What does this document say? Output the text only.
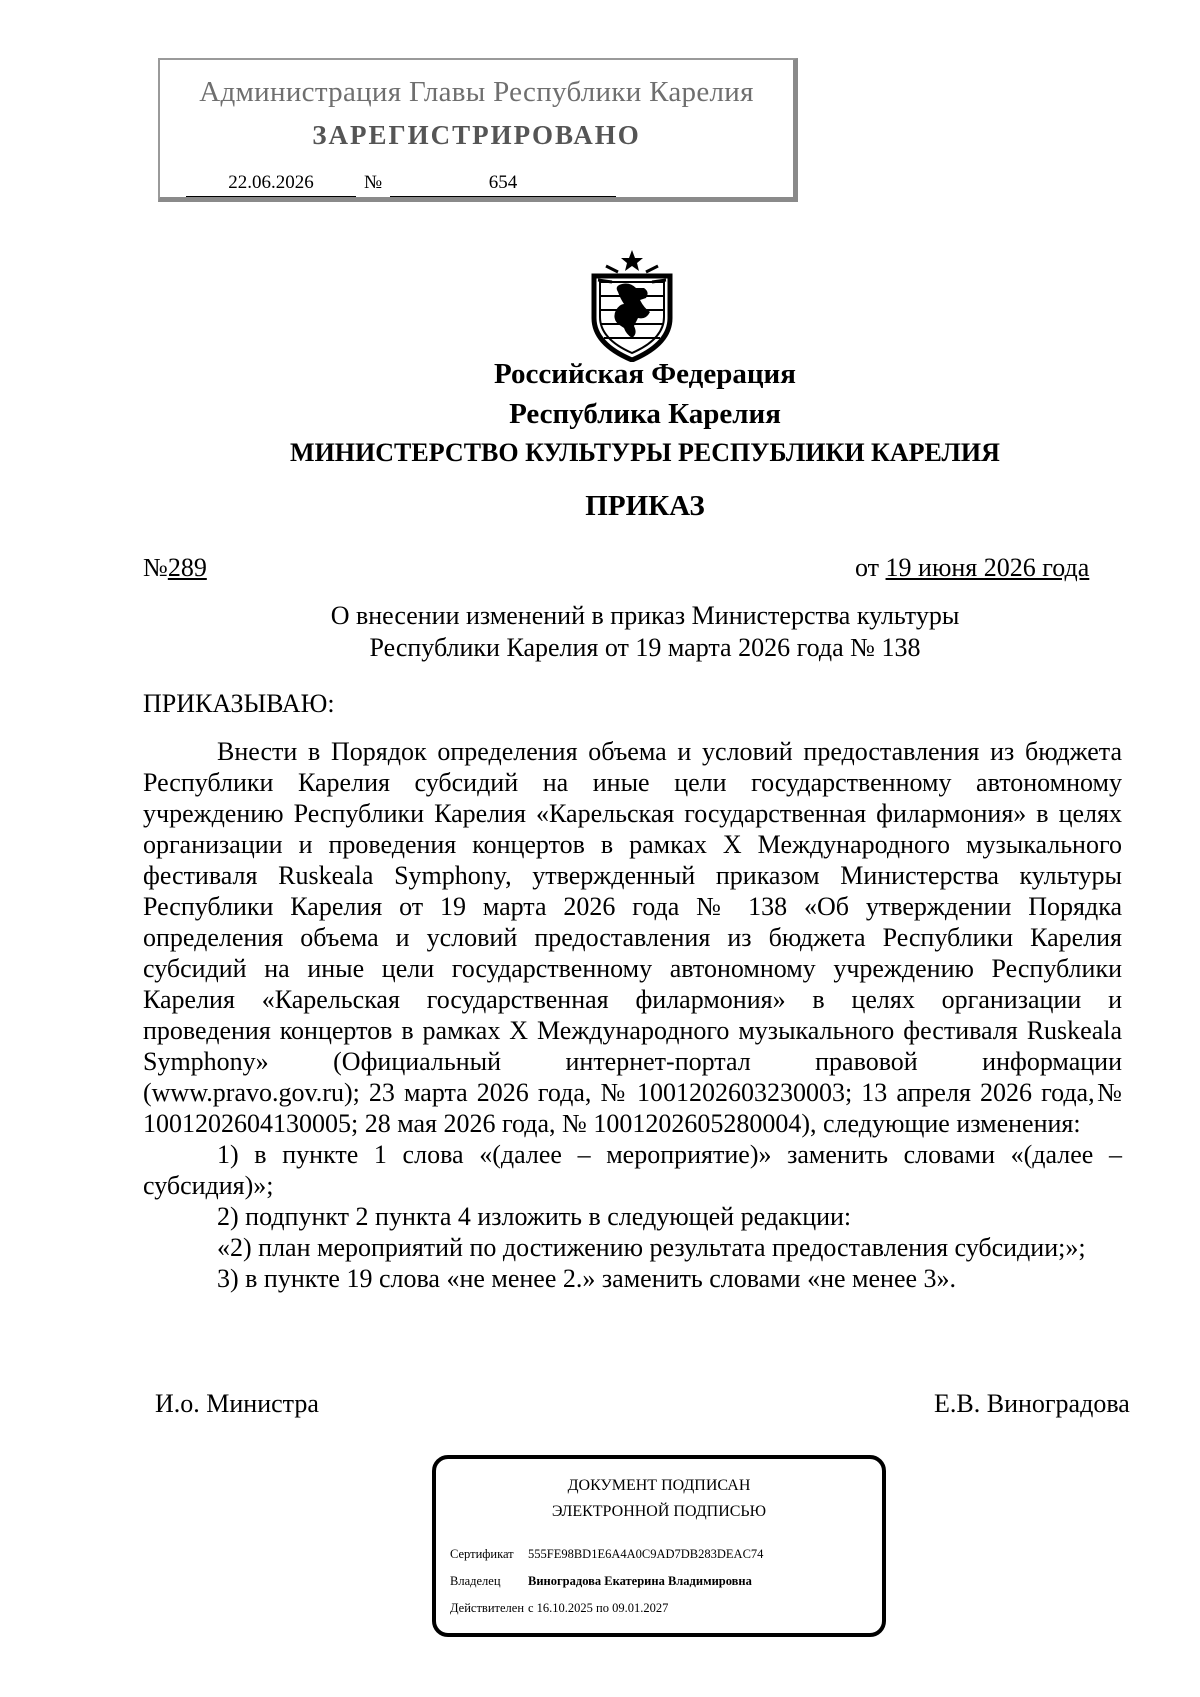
Администрация Главы Республики Карелия
ЗАРЕГИСТРИРОВАНО
22.06.2026	№	654
Российская Федерация
Республика Карелия
МИНИСТЕРСТВО КУЛЬТУРЫ РЕСПУБЛИКИ КАРЕЛИЯ
ПРИКАЗ
№289	от 19 июня 2026 года
О внесении изменений в приказ Министерства культуры
Республики Карелия от 19 марта 2026 года № 138
ПРИКАЗЫВАЮ:
Внести в Порядок определения объема и условий предоставления из бюджета
Республики Карелия субсидий на иные цели государственному автономному
учреждению Республики Карелия «Карельская государственная филармония» в целях
организации и проведения концертов в рамках X Международного музыкального
фестиваля Ruskeala Symphony, утвержденный приказом Министерства культуры
Республики Карелия от 19 марта 2026 года № 138 «Об утверждении Порядка
определения объема и условий предоставления из бюджета Республики Карелия
субсидий на иные цели государственному автономному учреждению Республики
Карелия «Карельская государственная филармония» в целях организации и
проведения концертов в рамках X Международного музыкального фестиваля Ruskeala
Symphony» (Официальный интернет-портал правовой информации
(www.pravo.gov.ru); 23 марта 2026 года, № 1001202603230003; 13 апреля 2026 года,№
1001202604130005; 28 мая 2026 года, № 1001202605280004), следующие изменения:
1) в пункте 1 слова «(далее – мероприятие)» заменить словами «(далее –
субсидия)»;
2) подпункт 2 пункта 4 изложить в следующей редакции:
«2) план мероприятий по достижению результата предоставления субсидии;»;
3) в пункте 19 слова «не менее 2.» заменить словами «не менее 3».
И.о. Министра	Е.В. Виноградова
ДОКУМЕНТ ПОДПИСАН
ЭЛЕКТРОННОЙ ПОДПИСЬЮ
Сертификат 555FE98BD1E6A4A0C9AD7DB283DEAC74
Владелец Виноградова Екатерина Владимировна
Действителен с 16.10.2025 по 09.01.2027
